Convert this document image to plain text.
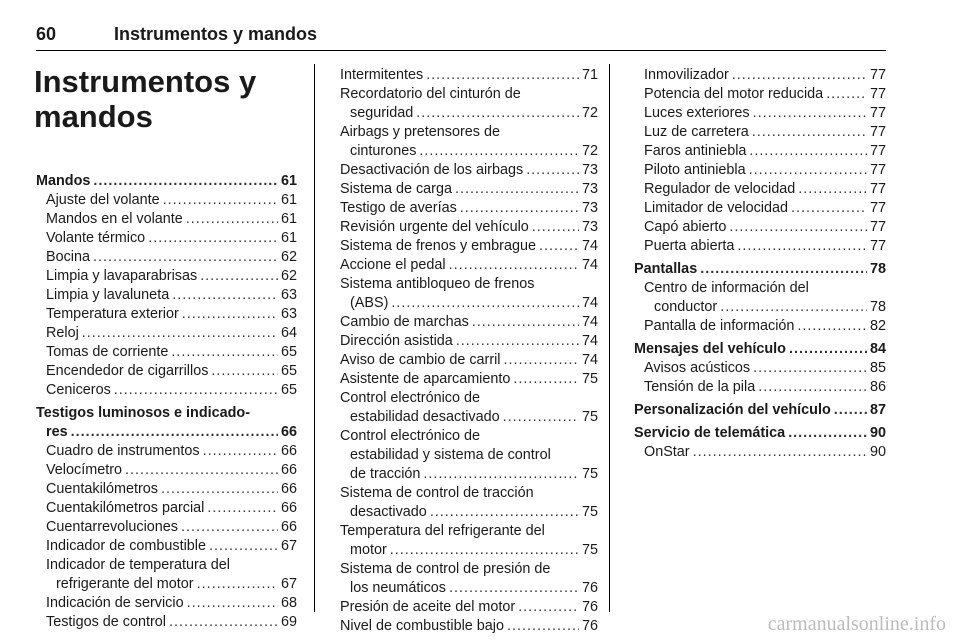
60	Instrumentos y mandos
Instrumentos y mandos
Mandos .....	61
Ajuste del volante .....	61
Mandos en el volante .....	61
Volante térmico .....	61
Bocina .....	62
Limpia y lavaparabrisas .....	62
Limpia y lavaluneta .....	63
Temperatura exterior .....	63
Reloj .....	64
Tomas de corriente .....	65
Encendedor de cigarrillos .....	65
Ceniceros .....	65
Testigos luminosos e indicado-
res .....	66
Cuadro de instrumentos .....	66
Velocímetro .....	66
Cuentakilómetros .....	66
Cuentakilómetros parcial .....	66
Cuentarrevoluciones .....	66
Indicador de combustible .....	67
Indicador de temperatura del
refrigerante del motor .....	67
Indicación de servicio .....	68
Testigos de control .....	69
Intermitentes .....	71
Recordatorio del cinturón de
seguridad .....	72
Airbags y pretensores de
cinturones .....	72
Desactivación de los airbags .....	73
Sistema de carga .....	73
Testigo de averías .....	73
Revisión urgente del vehículo .....	73
Sistema de frenos y embrague .....	74
Accione el pedal .....	74
Sistema antibloqueo de frenos
(ABS) .....	74
Cambio de marchas .....	74
Dirección asistida .....	74
Aviso de cambio de carril .....	74
Asistente de aparcamiento .....	75
Control electrónico de
estabilidad desactivado .....	75
Control electrónico de
estabilidad y sistema de control
de tracción .....	75
Sistema de control de tracción
desactivado .....	75
Temperatura del refrigerante del
motor .....	75
Sistema de control de presión de
los neumáticos .....	76
Presión de aceite del motor .....	76
Nivel de combustible bajo .....	76
Inmovilizador .....	77
Potencia del motor reducida .....	77
Luces exteriores .....	77
Luz de carretera .....	77
Faros antiniebla .....	77
Piloto antiniebla .....	77
Regulador de velocidad .....	77
Limitador de velocidad .....	77
Capó abierto .....	77
Puerta abierta .....	77
Pantallas .....	78
Centro de información del
conductor .....	78
Pantalla de información .....	82
Mensajes del vehículo .....	84
Avisos acústicos .....	85
Tensión de la pila .....	86
Personalización del vehículo .....	87
Servicio de telemática .....	90
OnStar .....	90
carmanualsonline.info
